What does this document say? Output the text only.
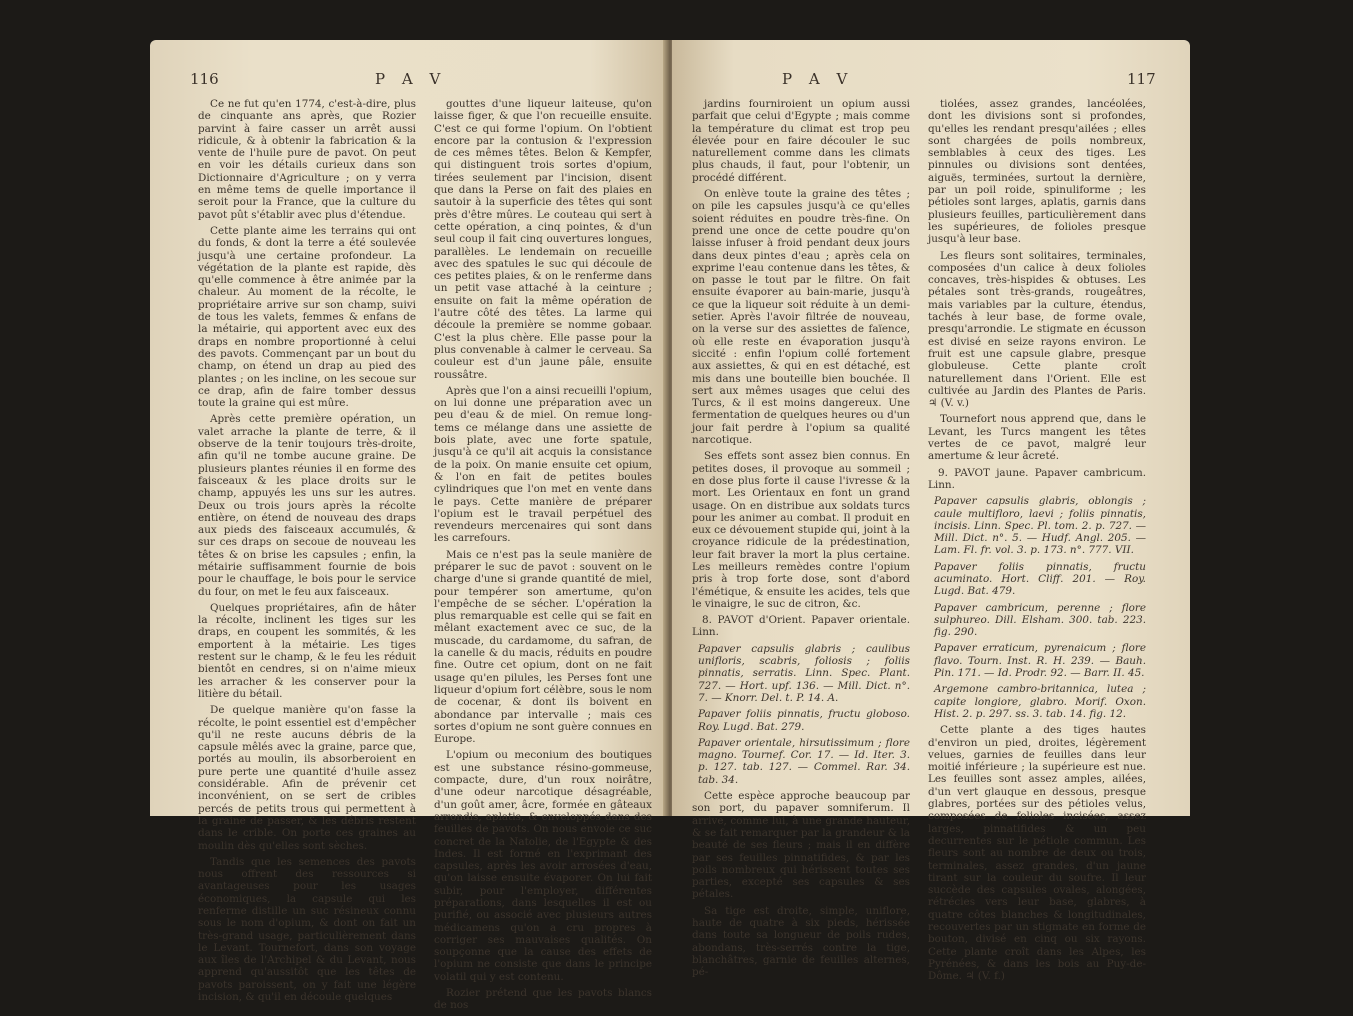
116	P A V

Ce ne fut qu'en 1774, c'est-à-dire, plus de cinquante ans après, que Rozier parvint à faire casser un arrêt aussi ridicule, & à obtenir la fabrication & la vente de l'huile pure de pavot. On peut en voir les détails curieux dans son Dictionnaire d'Agriculture ; on y verra en même tems de quelle importance il seroit pour la France, que la culture du pavot pût s'établir avec plus d'étendue.

Cette plante aime les terrains qui ont du fonds, & dont la terre a été soulevée jusqu'à une certaine profondeur. La végétation de la plante est rapide, dès qu'elle commence à être animée par la chaleur. Au moment de la récolte, le propriétaire arrive sur son champ, suivi de tous les valets, femmes & enfans de la métairie, qui apportent avec eux des draps en nombre proportionné à celui des pavots. Commençant par un bout du champ, on étend un drap au pied des plantes ; on les incline, on les secoue sur ce drap, afin de faire tomber dessus toute la graine qui est mûre.

Après cette première opération, un valet arrache la plante de terre, & il observe de la tenir toujours très-droite, afin qu'il ne tombe aucune graine. De plusieurs plantes réunies il en forme des faisceaux & les place droits sur le champ, appuyés les uns sur les autres. Deux ou trois jours après la récolte entière, on étend de nouveau des draps aux pieds des faisceaux accumulés, & sur ces draps on secoue de nouveau les têtes & on brise les capsules ; enfin, la métairie suffisamment fournie de bois pour le chauffage, le bois pour le service du four, on met le feu aux faisceaux.

Quelques propriétaires, afin de hâter la récolte, inclinent les tiges sur les draps, en coupent les sommités, & les emportent à la métairie. Les tiges restent sur le champ, & le feu les réduit bientôt en cendres, si on n'aime mieux les arracher & les conserver pour la litière du bétail.

De quelque manière qu'on fasse la récolte, le point essentiel est d'empêcher qu'il ne reste aucuns débris de la capsule mêlés avec la graine, parce que, portés au moulin, ils absorberoient en pure perte une quantité d'huile assez considérable. Afin de prévenir cet inconvénient, on se sert de cribles percés de petits trous qui permettent à la graine de passer, & les débris restent dans le crible. On porte ces graines au moulin dès qu'elles sont sèches.

Tandis que les semences des pavots nous offrent des ressources si avantageuses pour les usages économiques, la capsule qui les renferme distille un suc résineux connu sous le nom d'opium, & dont on fait un très-grand usage, particulièrement dans le Levant. Tournefort, dans son voyage aux îles de l'Archipel & du Levant, nous apprend qu'aussitôt que les têtes de pavots paroissent, on y fait une légère incision, & qu'il en découle quelques

gouttes d'une liqueur laiteuse, qu'on laisse figer, & que l'on recueille ensuite. C'est ce qui forme l'opium. On l'obtient encore par la contusion & l'expression de ces mêmes têtes. Belon & Kempfer, qui distinguent trois sortes d'opium, tirées seulement par l'incision, disent que dans la Perse on fait des plaies en sautoir à la superficie des têtes qui sont près d'être mûres. Le couteau qui sert à cette opération, a cinq pointes, & d'un seul coup il fait cinq ouvertures longues, parallèles. Le lendemain on recueille avec des spatules le suc qui découle de ces petites plaies, & on le renferme dans un petit vase attaché à la ceinture ; ensuite on fait la même opération de l'autre côté des têtes. La larme qui découle la première se nomme gobaar. C'est la plus chère. Elle passe pour la plus convenable à calmer le cerveau. Sa couleur est d'un jaune pâle, ensuite roussâtre.

Après que l'on a ainsi recueilli l'opium, on lui donne une préparation avec un peu d'eau & de miel. On remue long-tems ce mélange dans une assiette de bois plate, avec une forte spatule, jusqu'à ce qu'il ait acquis la consistance de la poix. On manie ensuite cet opium, & l'on en fait de petites boules cylindriques que l'on met en vente dans le pays. Cette manière de préparer l'opium est le travail perpétuel des revendeurs mercenaires qui sont dans les carrefours.

Mais ce n'est pas la seule manière de préparer le suc de pavot : souvent on le charge d'une si grande quantité de miel, pour tempérer son amertume, qu'on l'empêche de se sécher. L'opération la plus remarquable est celle qui se fait en mêlant exactement avec ce suc, de la muscade, du cardamome, du safran, de la canelle & du macis, réduits en poudre fine. Outre cet opium, dont on ne fait usage qu'en pilules, les Perses font une liqueur d'opium fort célèbre, sous le nom de cocenar, & dont ils boivent en abondance par intervalle ; mais ces sortes d'opium ne sont guère connues en Europe.

L'opium ou meconium des boutiques est une substance résino-gommeuse, compacte, dure, d'un roux noirâtre, d'une odeur narcotique désagréable, d'un goût amer, âcre, formée en gâteaux arrondis, aplatis, & enveloppés dans des feuilles de pavots. On nous envoie ce suc concret de la Natolie, de l'Egypte & des Indes. Il est formé en l'exprimant des capsules, après les avoir arrosées d'eau, qu'on laisse ensuite évaporer. On lui fait subir, pour l'employer, différentes préparations, dans lesquelles il est ou purifié, ou associé avec plusieurs autres médicamens qu'on a cru propres à corriger ses mauvaises qualités. On soupçonne que la cause des effets de l'opium ne consiste que dans le principe volatil qui y est contenu.

Rozier prétend que les pavots blancs de nos

P A V	117

jardins fourniroient un opium aussi parfait que celui d'Egypte ; mais comme la température du climat est trop peu élevée pour en faire découler le suc naturellement comme dans les climats plus chauds, il faut, pour l'obtenir, un procédé différent.

On enlève toute la graine des têtes ; on pile les capsules jusqu'à ce qu'elles soient réduites en poudre très-fine. On prend une once de cette poudre qu'on laisse infuser à froid pendant deux jours dans deux pintes d'eau ; après cela on exprime l'eau contenue dans les têtes, & on passe le tout par le filtre. On fait ensuite évaporer au bain-marie, jusqu'à ce que la liqueur soit réduite à un demi-setier. Après l'avoir filtrée de nouveau, on la verse sur des assiettes de faïence, où elle reste en évaporation jusqu'à siccité : enfin l'opium collé fortement aux assiettes, & qui en est détaché, est mis dans une bouteille bien bouchée. Il sert aux mêmes usages que celui des Turcs, & il est moins dangereux. Une fermentation de quelques heures ou d'un jour fait perdre à l'opium sa qualité narcotique.

Ses effets sont assez bien connus. En petites doses, il provoque au sommeil ; en dose plus forte il cause l'ivresse & la mort. Les Orientaux en font un grand usage. On en distribue aux soldats turcs pour les animer au combat. Il produit en eux ce dévouement stupide qui, joint à la croyance ridicule de la prédestination, leur fait braver la mort la plus certaine. Les meilleurs remèdes contre l'opium pris à trop forte dose, sont d'abord l'émétique, & ensuite les acides, tels que le vinaigre, le suc de citron, &c.

8. PAVOT d'Orient. Papaver orientale. Linn.

Papaver capsulis glabris ; caulibus unifloris, scabris, foliosis ; foliis pinnatis, serratis. Linn. Spec. Plant. 727. — Hort. upf. 136. — Mill. Dict. n°. 7. — Knorr. Del. t. P. 14. A.

Papaver foliis pinnatis, fructu globoso. Roy. Lugd. Bat. 279.

Papaver orientale, hirsutissimum ; flore magno. Tournef. Cor. 17. — Id. Iter. 3. p. 127. tab. 127. — Commel. Rar. 34. tab. 34.

Cette espèce approche beaucoup par son port, du papaver somniferum. Il arrive, comme lui, à une grande hauteur, & se fait remarquer par la grandeur & la beauté de ses fleurs ; mais il en diffère par ses feuilles pinnatifides, & par les poils nombreux qui hérissent toutes ses parties, excepté ses capsules & ses pétales.

Sa tige est droite, simple, uniflore, haute de quatre à six pieds, hérissée dans toute sa longueur de poils rudes, abondans, très-serrés contre la tige, blanchâtres, garnie de feuilles alternes, pé-

tiolées, assez grandes, lancéolées, dont les divisions sont si profondes, qu'elles les rendant presqu'ailées ; elles sont chargées de poils nombreux, semblables à ceux des tiges. Les pinnules ou divisions sont dentées, aiguës, terminées, surtout la dernière, par un poil roide, spinuliforme ; les pétioles sont larges, aplatis, garnis dans plusieurs feuilles, particulièrement dans les supérieures, de folioles presque jusqu'à leur base.

Les fleurs sont solitaires, terminales, composées d'un calice à deux folioles concaves, très-hispides & obtuses. Les pétales sont très-grands, rougeâtres, mais variables par la culture, étendus, tachés à leur base, de forme ovale, presqu'arrondie. Le stigmate en écusson est divisé en seize rayons environ. Le fruit est une capsule glabre, presque globuleuse. Cette plante croît naturellement dans l'Orient. Elle est cultivée au Jardin des Plantes de Paris. ♃ (V. v.)

Tournefort nous apprend que, dans le Levant, les Turcs mangent les têtes vertes de ce pavot, malgré leur amertume & leur âcreté.

9. PAVOT jaune. Papaver cambricum. Linn.

Papaver capsulis glabris, oblongis ; caule multifloro, laevi ; foliis pinnatis, incisis. Linn. Spec. Pl. tom. 2. p. 727. — Mill. Dict. n°. 5. — Hudf. Angl. 205. — Lam. Fl. fr. vol. 3. p. 173. n°. 777. VII.

Papaver foliis pinnatis, fructu acuminato. Hort. Cliff. 201. — Roy. Lugd. Bat. 479.

Papaver cambricum, perenne ; flore sulphureo. Dill. Elsham. 300. tab. 223. fig. 290.

Papaver erraticum, pyrenaicum ; flore flavo. Tourn. Inst. R. H. 239. — Bauh. Pin. 171. — Id. Prodr. 92. — Barr. II. 45.

Argemone cambro-britannica, lutea ; capite longiore, glabro. Morif. Oxon. Hist. 2. p. 297. ss. 3. tab. 14. fig. 12.

Cette plante a des tiges hautes d'environ un pied, droites, légèrement velues, garnies de feuilles dans leur moitié inférieure ; la supérieure est nue. Les feuilles sont assez amples, ailées, d'un vert glauque en dessous, presque glabres, portées sur des pétioles velus, composées de folioles incisées, assez larges, pinnatifides & un peu decurrentes sur le pétiole commun. Les fleurs sont au nombre de deux ou trois, terminales, assez grandes, d'un jaune tirant sur la couleur du soufre. Il leur succède des capsules ovales, alongées, rétrécies vers leur base, glabres, à quatre côtes blanches & longitudinales, recouvertes par un stigmate en forme de bouton, divisé en cinq ou six rayons. Cette plante croît dans les Alpes, les Pyrénées, & dans les bois au Puy-de-Dôme. ♃ (V. f.)
